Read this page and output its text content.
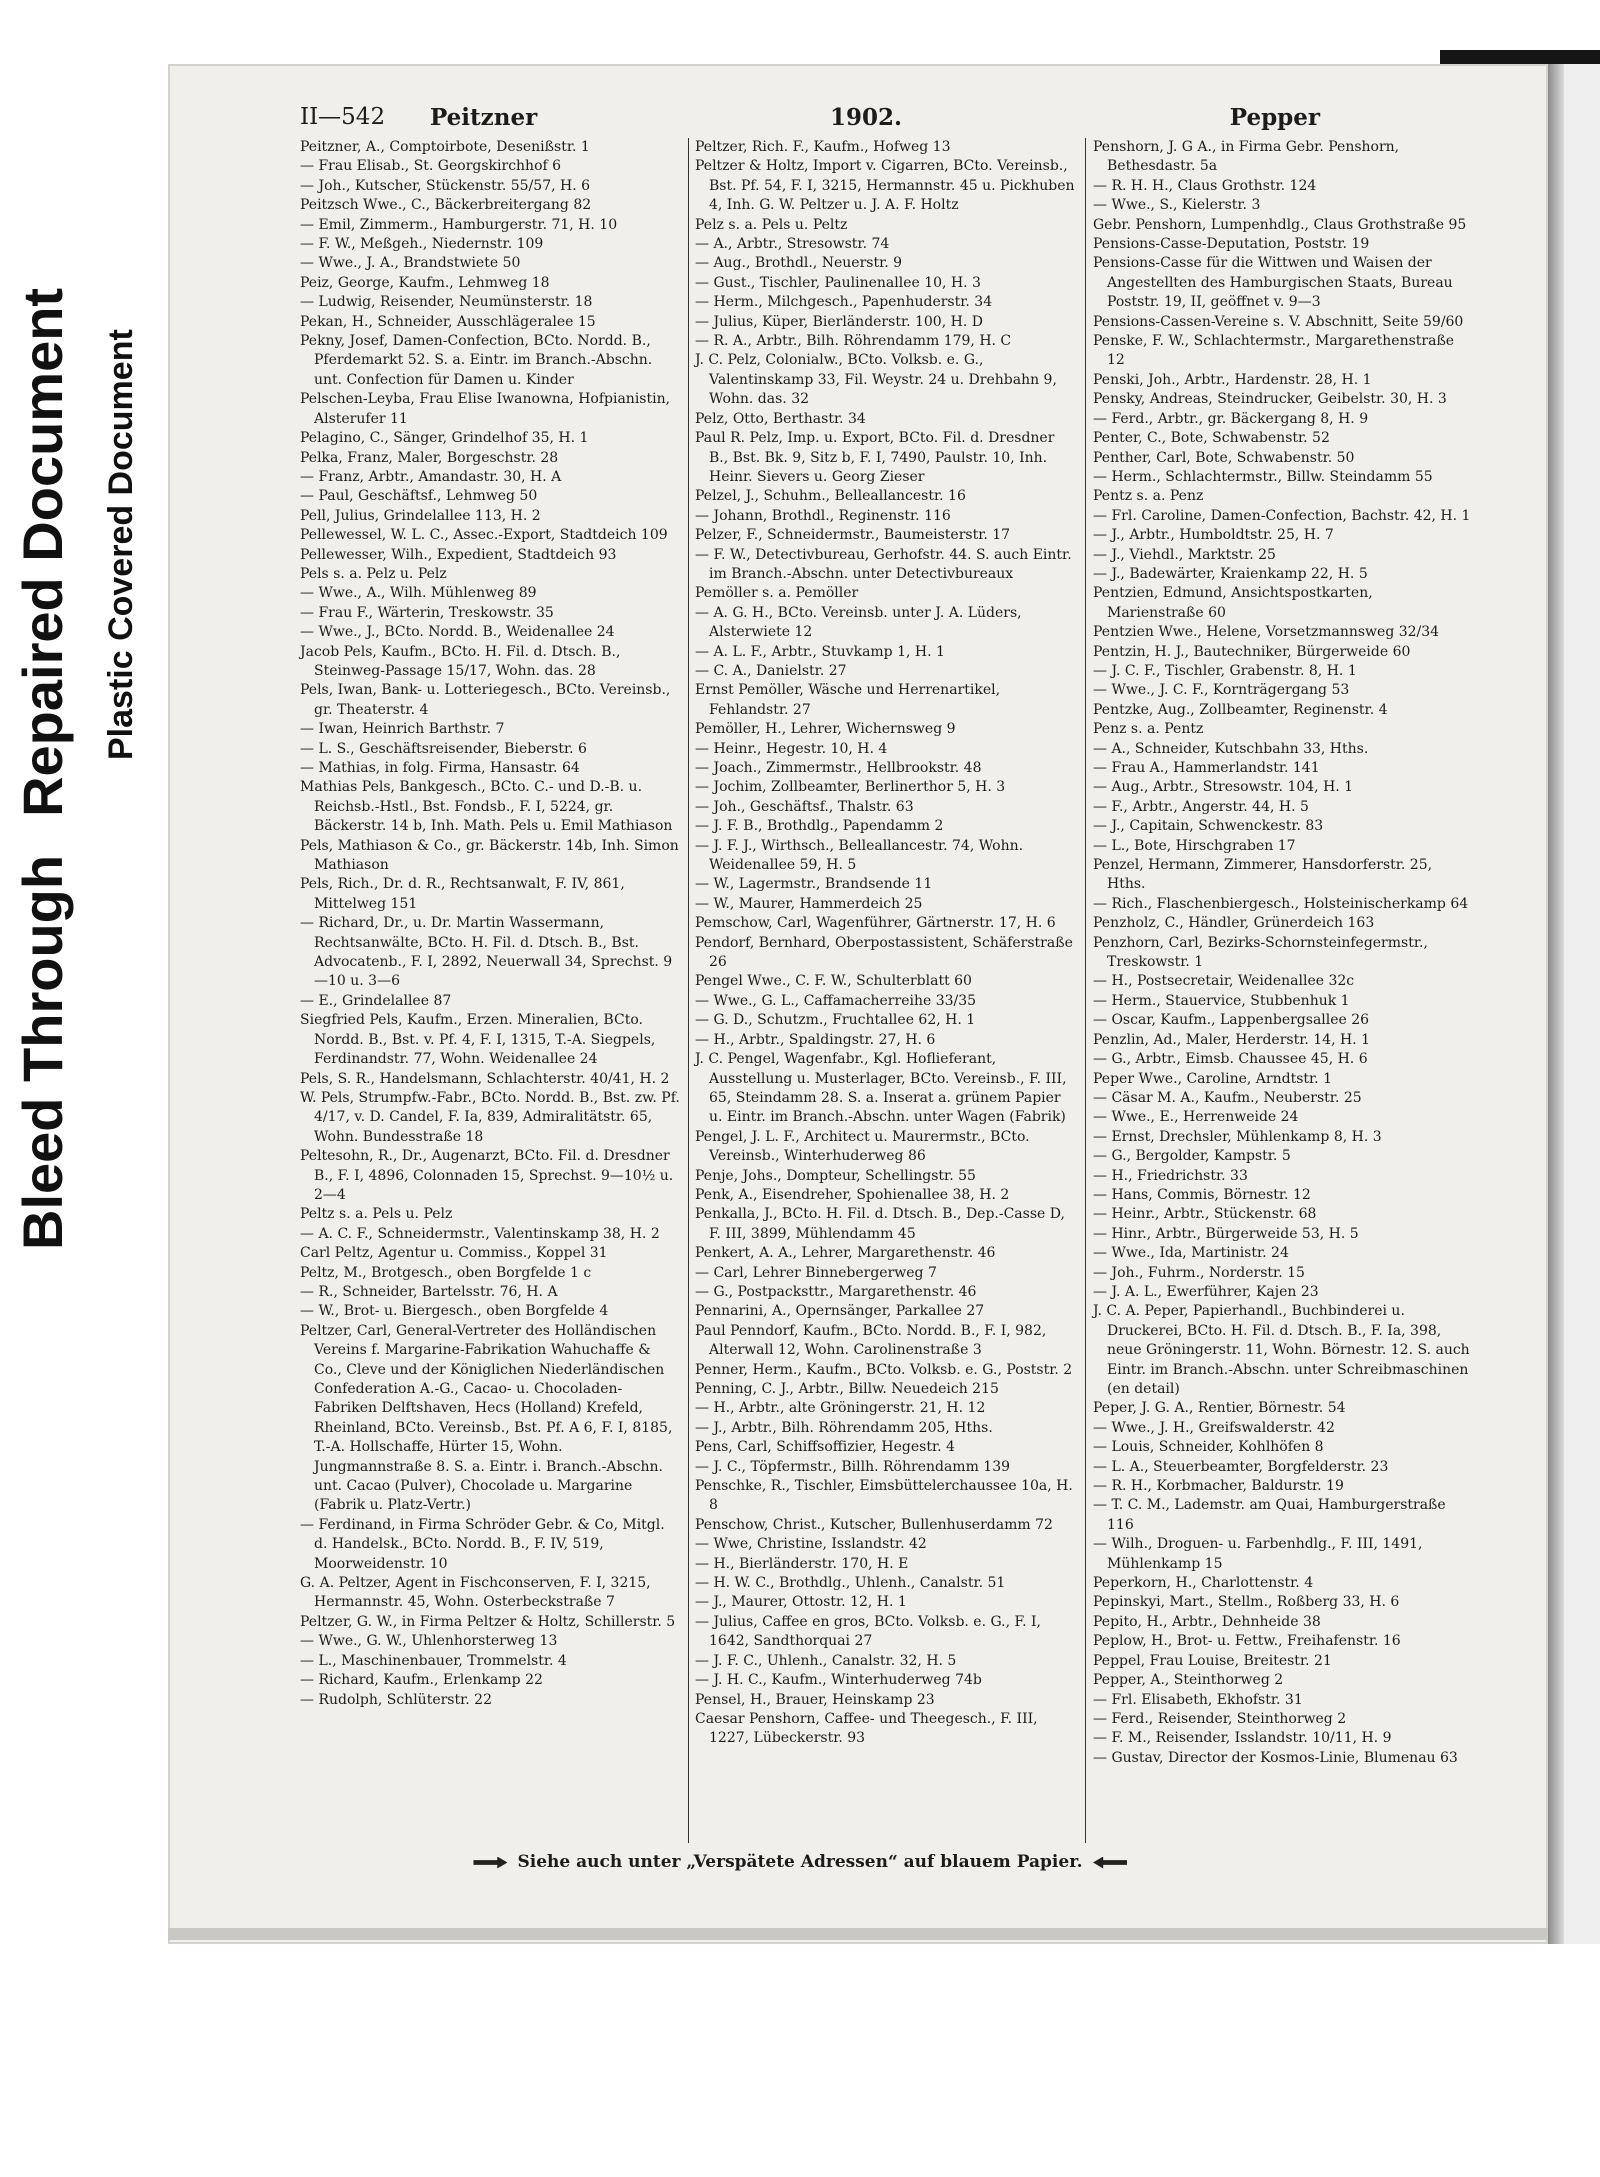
Bleed ThroughRepaired Document Plastic Covered Document
II—542 Peitzner	1902.	Pepper

Peitzner, A., Comptoirbote, Desenißstr. 1

— Frau Elisab., St. Georgskirchhof 6

— Joh., Kutscher, Stückenstr. 55/57, H. 6

Peitzsch Wwe., C., Bäckerbreitergang 82

— Emil, Zimmerm., Hamburgerstr. 71, H. 10

— F. W., Meßgeh., Niedernstr. 109

— Wwe., J. A., Brandstwiete 50

Peiz, George, Kaufm., Lehmweg 18

— Ludwig, Reisender, Neumünsterstr. 18

Pekan, H., Schneider, Ausschlägeralee 15

Pekny, Josef, Damen-Confection, BCto. Nordd. B., Pferdemarkt 52. S. a. Eintr. im Branch.-Abschn. unt. Confection für Damen u. Kinder

Pelschen-Leyba, Frau Elise Iwanowna, Hofpianistin, Alsterufer 11

Pelagino, C., Sänger, Grindelhof 35, H. 1

Pelka, Franz, Maler, Borgeschstr. 28

— Franz, Arbtr., Amandastr. 30, H. A

— Paul, Geschäftsf., Lehmweg 50

Pell, Julius, Grindelallee 113, H. 2

Pellewessel, W. L. C., Assec.-Export, Stadtdeich 109

Pellewesser, Wilh., Expedient, Stadtdeich 93

Pels s. a. Pelz u. Pelz

— Wwe., A., Wilh. Mühlenweg 89

— Frau F., Wärterin, Treskowstr. 35

— Wwe., J., BCto. Nordd. B., Weidenallee 24

Jacob Pels, Kaufm., BCto. H. Fil. d. Dtsch. B., Steinweg-Passage 15/17, Wohn. das. 28

Pels, Iwan, Bank- u. Lotteriegesch., BCto. Vereinsb., gr. Theaterstr. 4

— Iwan, Heinrich Barthstr. 7

— L. S., Geschäftsreisender, Bieberstr. 6

— Mathias, in folg. Firma, Hansastr. 64

Mathias Pels, Bankgesch., BCto. C.- und D.-B. u. Reichsb.-Hstl., Bst. Fondsb., F. I, 5224, gr. Bäckerstr. 14 b, Inh. Math. Pels u. Emil Mathiason

Pels, Mathiason & Co., gr. Bäckerstr. 14b, Inh. Simon Mathiason

Pels, Rich., Dr. d. R., Rechtsanwalt, F. IV, 861, Mittelweg 151

— Richard, Dr., u. Dr. Martin Wassermann, Rechtsanwälte, BCto. H. Fil. d. Dtsch. B., Bst. Advocatenb., F. I, 2892, Neuerwall 34, Sprechst. 9—10 u. 3—6

— E., Grindelallee 87

Siegfried Pels, Kaufm., Erzen. Mineralien, BCto. Nordd. B., Bst. v. Pf. 4, F. I, 1315, T.-A. Siegpels, Ferdinandstr. 77, Wohn. Weidenallee 24

Pels, S. R., Handelsmann, Schlachterstr. 40/41, H. 2

W. Pels, Strumpfw.-Fabr., BCto. Nordd. B., Bst. zw. Pf. 4/17, v. D. Candel, F. Ia, 839, Admiralitätstr. 65, Wohn. Bundesstraße 18

Peltesohn, R., Dr., Augenarzt, BCto. Fil. d. Dresdner B., F. I, 4896, Colonnaden 15, Sprechst. 9—10½ u. 2—4

Peltz s. a. Pels u. Pelz

— A. C. F., Schneidermstr., Valentinskamp 38, H. 2

Carl Peltz, Agentur u. Commiss., Koppel 31

Peltz, M., Brotgesch., oben Borgfelde 1 c

— R., Schneider, Bartelsstr. 76, H. A

— W., Brot- u. Biergesch., oben Borgfelde 4

Peltzer, Carl, General-Vertreter des Holländischen Vereins f. Margarine-Fabrikation Wahuchaffe & Co., Cleve und der Königlichen Niederländischen Confederation A.-G., Cacao- u. Chocoladen-Fabriken Delftshaven, Hecs (Holland) Krefeld, Rheinland, BCto. Vereinsb., Bst. Pf. A 6, F. I, 8185, T.-A. Hollschaffe, Hürter 15, Wohn. Jungmannstraße 8. S. a. Eintr. i. Branch.-Abschn. unt. Cacao (Pulver), Chocolade u. Margarine (Fabrik u. Platz-Vertr.)

— Ferdinand, in Firma Schröder Gebr. & Co, Mitgl. d. Handelsk., BCto. Nordd. B., F. IV, 519, Moorweidenstr. 10

G. A. Peltzer, Agent in Fischconserven, F. I, 3215, Hermannstr. 45, Wohn. Osterbeckstraße 7

Peltzer, G. W., in Firma Peltzer & Holtz, Schillerstr. 5

— Wwe., G. W., Uhlenhorsterweg 13

— L., Maschinenbauer, Trommelstr. 4

— Richard, Kaufm., Erlenkamp 22

— Rudolph, Schlüterstr. 22

Peltzer, Rich. F., Kaufm., Hofweg 13

Peltzer & Holtz, Import v. Cigarren, BCto. Vereinsb., Bst. Pf. 54, F. I, 3215, Hermannstr. 45 u. Pickhuben 4, Inh. G. W. Peltzer u. J. A. F. Holtz

Pelz s. a. Pels u. Peltz

— A., Arbtr., Stresowstr. 74

— Aug., Brothdl., Neuerstr. 9

— Gust., Tischler, Paulinenallee 10, H. 3

— Herm., Milchgesch., Papenhuderstr. 34

— Julius, Küper, Bierländerstr. 100, H. D

— R. A., Arbtr., Bilh. Röhrendamm 179, H. C

J. C. Pelz, Colonialw., BCto. Volksb. e. G., Valentinskamp 33, Fil. Weystr. 24 u. Drehbahn 9, Wohn. das. 32

Pelz, Otto, Berthastr. 34

Paul R. Pelz, Imp. u. Export, BCto. Fil. d. Dresdner B., Bst. Bk. 9, Sitz b, F. I, 7490, Paulstr. 10, Inh. Heinr. Sievers u. Georg Zieser

Pelzel, J., Schuhm., Belleallancestr. 16

— Johann, Brothdl., Reginenstr. 116

Pelzer, F., Schneidermstr., Baumeisterstr. 17

— F. W., Detectivbureau, Gerhofstr. 44. S. auch Eintr. im Branch.-Abschn. unter Detectivbureaux

Pemöller s. a. Pemöller

— A. G. H., BCto. Vereinsb. unter J. A. Lüders, Alsterwiete 12

— A. L. F., Arbtr., Stuvkamp 1, H. 1

— C. A., Danielstr. 27

Ernst Pemöller, Wäsche und Herrenartikel, Fehlandstr. 27

Pemöller, H., Lehrer, Wichernsweg 9

— Heinr., Hegestr. 10, H. 4

— Joach., Zimmermstr., Hellbrookstr. 48

— Jochim, Zollbeamter, Berlinerthor 5, H. 3

— Joh., Geschäftsf., Thalstr. 63

— J. F. B., Brothdlg., Papendamm 2

— J. F. J., Wirthsch., Belleallancestr. 74, Wohn. Weidenallee 59, H. 5

— W., Lagermstr., Brandsende 11

— W., Maurer, Hammerdeich 25

Pemschow, Carl, Wagenführer, Gärtnerstr. 17, H. 6

Pendorf, Bernhard, Oberpostassistent, Schäferstraße 26

Pengel Wwe., C. F. W., Schulterblatt 60

— Wwe., G. L., Caffamacherreihe 33/35

— G. D., Schutzm., Fruchtallee 62, H. 1

— H., Arbtr., Spaldingstr. 27, H. 6

J. C. Pengel, Wagenfabr., Kgl. Hoflieferant, Ausstellung u. Musterlager, BCto. Vereinsb., F. III, 65, Steindamm 28. S. a. Inserat a. grünem Papier u. Eintr. im Branch.-Abschn. unter Wagen (Fabrik)

Pengel, J. L. F., Architect u. Maurermstr., BCto. Vereinsb., Winterhuderweg 86

Penje, Johs., Dompteur, Schellingstr. 55

Penk, A., Eisendreher, Spohienallee 38, H. 2

Penkalla, J., BCto. H. Fil. d. Dtsch. B., Dep.-Casse D, F. III, 3899, Mühlendamm 45

Penkert, A. A., Lehrer, Margarethenstr. 46

— Carl, Lehrer Binnebergerweg 7

— G., Postpacksttr., Margarethenstr. 46

Pennarini, A., Opernsänger, Parkallee 27

Paul Penndorf, Kaufm., BCto. Nordd. B., F. I, 982, Alterwall 12, Wohn. Carolinenstraße 3

Penner, Herm., Kaufm., BCto. Volksb. e. G., Poststr. 2

Penning, C. J., Arbtr., Billw. Neuedeich 215

— H., Arbtr., alte Gröningerstr. 21, H. 12

— J., Arbtr., Bilh. Röhrendamm 205, Hths.

Pens, Carl, Schiffsoffizier, Hegestr. 4

— J. C., Töpfermstr., Billh. Röhrendamm 139

Penschke, R., Tischler, Eimsbüttelerchaussee 10a, H. 8

Penschow, Christ., Kutscher, Bullenhuserdamm 72

— Wwe, Christine, Isslandstr. 42

— H., Bierländerstr. 170, H. E

— H. W. C., Brothdlg., Uhlenh., Canalstr. 51

— J., Maurer, Ottostr. 12, H. 1

— Julius, Caffee en gros, BCto. Volksb. e. G., F. I, 1642, Sandthorquai 27

— J. F. C., Uhlenh., Canalstr. 32, H. 5

— J. H. C., Kaufm., Winterhuderweg 74b

Pensel, H., Brauer, Heinskamp 23

Caesar Penshorn, Caffee- und Theegesch., F. III, 1227, Lübeckerstr. 93

Penshorn, J. G A., in Firma Gebr. Penshorn, Bethesdastr. 5a

— R. H. H., Claus Grothstr. 124

— Wwe., S., Kielerstr. 3

Gebr. Penshorn, Lumpenhdlg., Claus Grothstraße 95

Pensions-Casse-Deputation, Poststr. 19

Pensions-Casse für die Wittwen und Waisen der Angestellten des Hamburgischen Staats, Bureau Poststr. 19, II, geöffnet v. 9—3

Pensions-Cassen-Vereine s. V. Abschnitt, Seite 59/60

Penske, F. W., Schlachtermstr., Margarethenstraße 12

Penski, Joh., Arbtr., Hardenstr. 28, H. 1

Pensky, Andreas, Steindrucker, Geibelstr. 30, H. 3

— Ferd., Arbtr., gr. Bäckergang 8, H. 9

Penter, C., Bote, Schwabenstr. 52

Penther, Carl, Bote, Schwabenstr. 50

— Herm., Schlachtermstr., Billw. Steindamm 55

Pentz s. a. Penz

— Frl. Caroline, Damen-Confection, Bachstr. 42, H. 1

— J., Arbtr., Humboldtstr. 25, H. 7

— J., Viehdl., Marktstr. 25

— J., Badewärter, Kraienkamp 22, H. 5

Pentzien, Edmund, Ansichtspostkarten, Marienstraße 60

Pentzien Wwe., Helene, Vorsetzmannsweg 32/34

Pentzin, H. J., Bautechniker, Bürgerweide 60

— J. C. F., Tischler, Grabenstr. 8, H. 1

— Wwe., J. C. F., Kornträgergang 53

Pentzke, Aug., Zollbeamter, Reginenstr. 4

Penz s. a. Pentz

— A., Schneider, Kutschbahn 33, Hths.

— Frau A., Hammerlandstr. 141

— Aug., Arbtr., Stresowstr. 104, H. 1

— F., Arbtr., Angerstr. 44, H. 5

— J., Capitain, Schwenckestr. 83

— L., Bote, Hirschgraben 17

Penzel, Hermann, Zimmerer, Hansdorferstr. 25, Hths.

— Rich., Flaschenbiergesch., Holsteinischerkamp 64

Penzholz, C., Händler, Grünerdeich 163

Penzhorn, Carl, Bezirks-Schornsteinfegermstr., Treskowstr. 1

— H., Postsecretair, Weidenallee 32c

— Herm., Stauervice, Stubbenhuk 1

— Oscar, Kaufm., Lappenbergsallee 26

Penzlin, Ad., Maler, Herderstr. 14, H. 1

— G., Arbtr., Eimsb. Chaussee 45, H. 6

Peper Wwe., Caroline, Arndtstr. 1

— Cäsar M. A., Kaufm., Neuberstr. 25

— Wwe., E., Herrenweide 24

— Ernst, Drechsler, Mühlenkamp 8, H. 3

— G., Bergolder, Kampstr. 5

— H., Friedrichstr. 33

— Hans, Commis, Börnestr. 12

— Heinr., Arbtr., Stückenstr. 68

— Hinr., Arbtr., Bürgerweide 53, H. 5

— Wwe., Ida, Martinistr. 24

— Joh., Fuhrm., Norderstr. 15

— J. A. L., Ewerführer, Kajen 23

J. C. A. Peper, Papierhandl., Buchbinderei u. Druckerei, BCto. H. Fil. d. Dtsch. B., F. Ia, 398, neue Gröningerstr. 11, Wohn. Börnestr. 12. S. auch Eintr. im Branch.-Abschn. unter Schreibmaschinen (en detail)

Peper, J. G. A., Rentier, Börnestr. 54

— Wwe., J. H., Greifswalderstr. 42

— Louis, Schneider, Kohlhöfen 8

— L. A., Steuerbeamter, Borgfelderstr. 23

— R. H., Korbmacher, Baldurstr. 19

— T. C. M., Lademstr. am Quai, Hamburgerstraße 116

— Wilh., Droguen- u. Farbenhdlg., F. III, 1491, Mühlenkamp 15

Peperkorn, H., Charlottenstr. 4

Pepinskyi, Mart., Stellm., Roßberg 33, H. 6

Pepito, H., Arbtr., Dehnheide 38

Peplow, H., Brot- u. Fettw., Freihafenstr. 16

Peppel, Frau Louise, Breitestr. 21

Pepper, A., Steinthorweg 2

— Frl. Elisabeth, Ekhofstr. 31

— Ferd., Reisender, Steinthorweg 2

— F. M., Reisender, Isslandstr. 10/11, H. 9

— Gustav, Director der Kosmos-Linie, Blumenau 63

Siehe auch unter „Verspätete Adressen“ auf blauem Papier.
